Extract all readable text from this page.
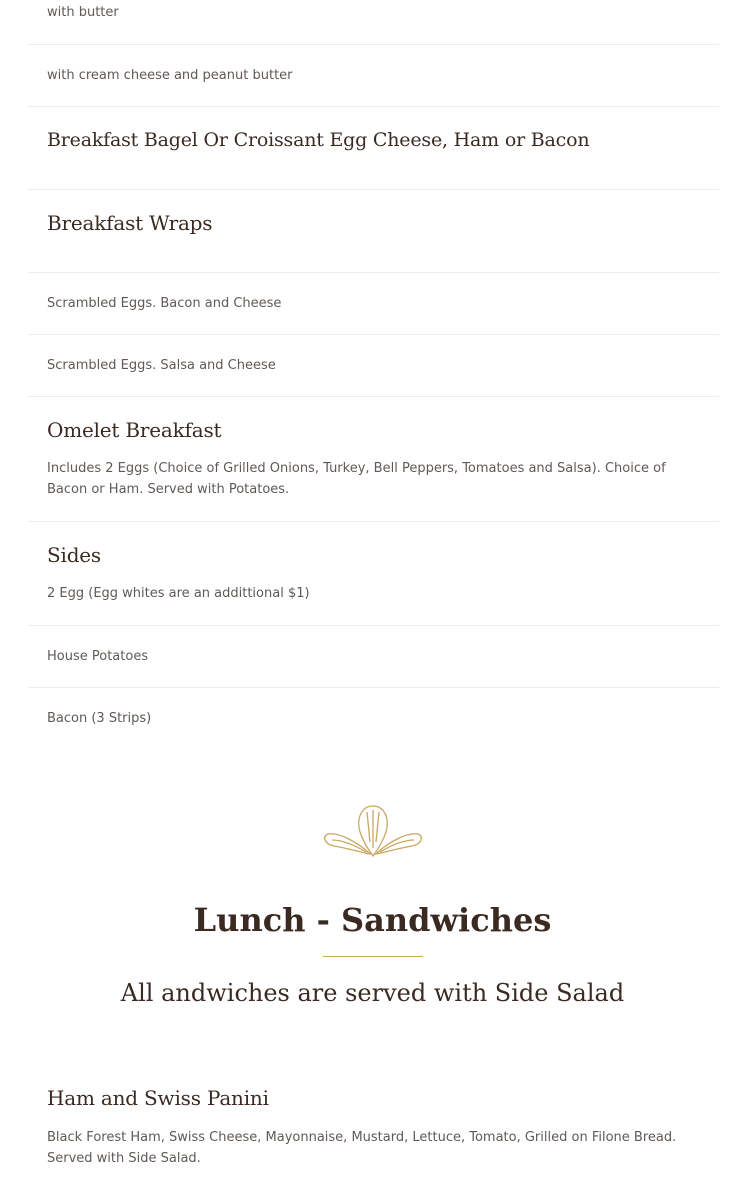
with butter
with cream cheese and peanut butter
Breakfast Bagel Or Croissant Egg Cheese, Ham or Bacon
Breakfast Wraps
Scrambled Eggs. Bacon and Cheese
Scrambled Eggs. Salsa and Cheese
Omelet Breakfast
Includes 2 Eggs (Choice of Grilled Onions, Turkey, Bell Peppers, Tomatoes and Salsa). Choice of Bacon or Ham. Served with Potatoes.
Sides
2 Egg (Egg whites are an addittional $1)
House Potatoes
Bacon (3 Strips)
Lunch - Sandwiches
All andwiches are served with Side Salad
Ham and Swiss Panini
Black Forest Ham, Swiss Cheese, Mayonnaise, Mustard, Lettuce, Tomato, Grilled on Filone Bread. Served with Side Salad.
